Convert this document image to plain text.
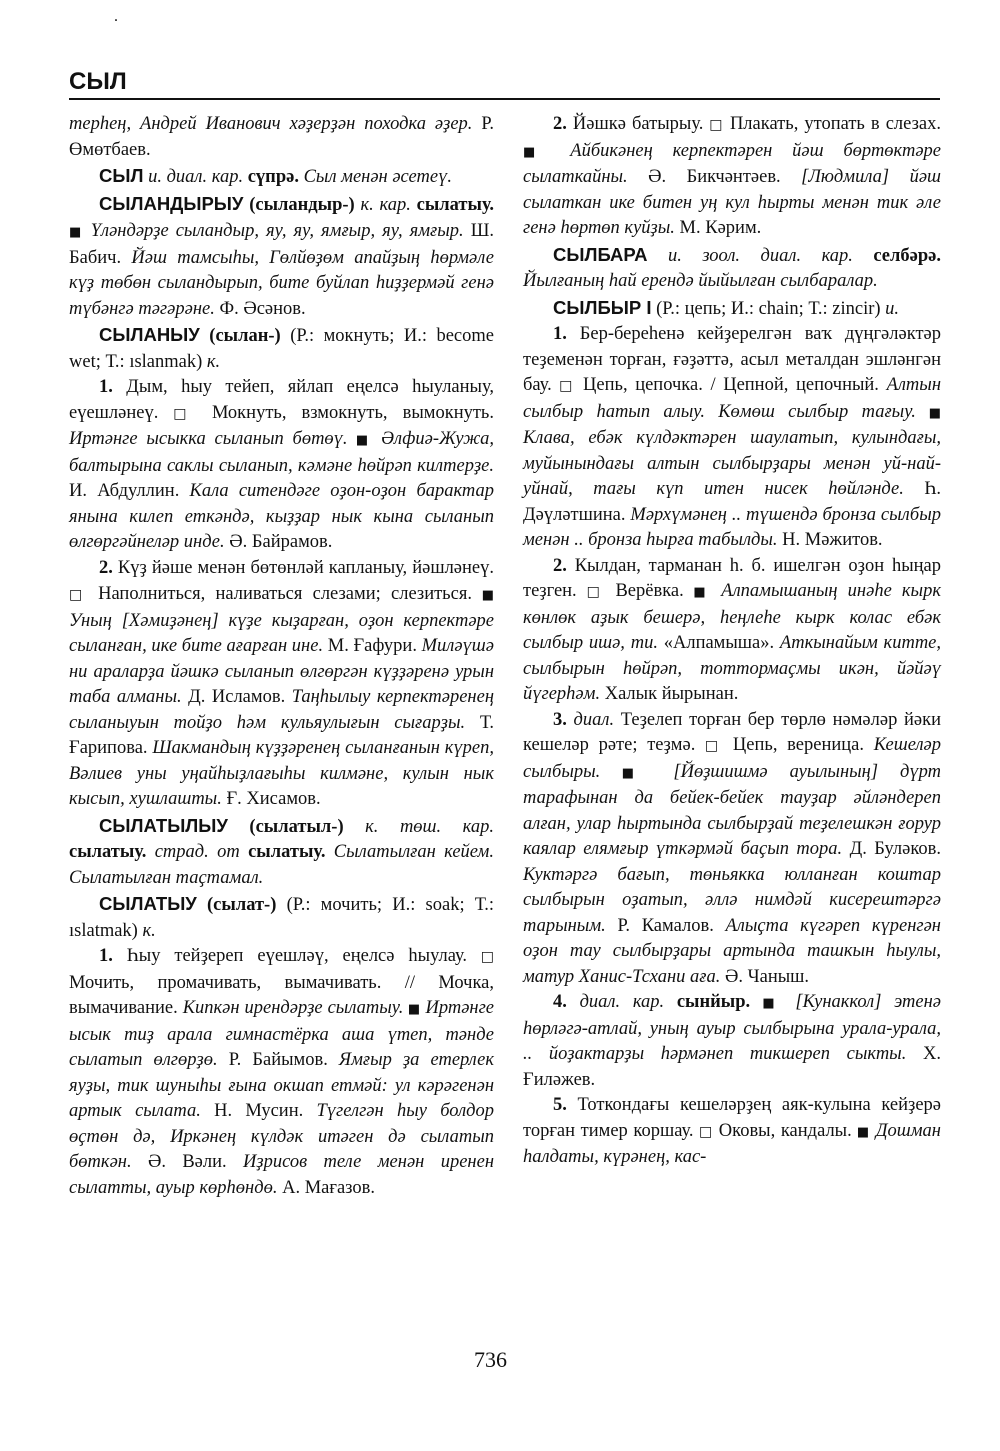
.
СЫЛ

терһең, Андрей Иванович хәҙерҙән походка әҙер. Р. Өмөтбаев.

СЫЛ и. диал. кар. сүпрә. Сыл менән әсетеү.

СЫЛАНДЫРЫУ (сыландыр-) к. кар. сылатыу. ■ Үләндәрҙе сыландыр, яу, яу, ямғыр, яу, ямғыр. Ш. Бабич. Йәш тамсыһы, Гөлйөҙөм апайҙың һөрмәле күҙ төбөн сыландырып, бите буйлап һиҙҙермәй генә түбәнгә тәгәрәне. Ф. Әсәнов.

СЫЛАНЫУ (сылан-) (Р.: мокнуть; И.: become wet; Т.: ıslanmak) к.

1. Дым, һыу тейеп, яйлап еңелсә һыуланыу, еүешләнеү. □ Мокнуть, взмокнуть, вымокнуть. Иртәнге ысыкка сыланып бөтөү. ■ Әлфиә-Жужа, балтырына саклы сыланып, кәмәне һөйрәп килтерҙе. И. Абдуллин. Кала ситендәге оҙон-оҙон барактар янына килеп еткәндә, кыҙҙар нык кына сыланып өлгөргәйнеләр инде. Ә. Байрамов.

2. Күҙ йәше менән бөтөнләй капланыу, йәшләнеү. □ Наполниться, наливаться слезами; слезиться. ■ Уның [Хәмиҙәнең] күҙе кыҙарған, оҙон керпектәре сыланған, ике бите ағарған ине. М. Ғафури. Миләүшә ни араларҙа йәшкә сыланып өлгөргән күҙҙәренә урын таба алманы. Д. Исламов. Таңһылыу керпектәренең сыланыуын тойҙо һәм кульяулығын сығарҙы. Т. Ғарипова. Шакмандың күҙҙәренең сыланғанын күреп, Вәлиев уны уңайһыҙлағыһы килмәне, кулын нык кысып, хушлашты. Ғ. Хисамов.

СЫЛАТЫЛЫУ (сылатыл-) к. төш. кар. сылатыу. страд. от сылатыу. Сылатылған кейем. Сылатылған таҫтамал.

СЫЛАТЫУ (сылат-) (Р.: мочить; И.: soak; Т.: ıslatmak) к.

1. Һыу тейҙереп еүешләү, еңелсә һыулау. □ Мочить, промачивать, вымачивать. // Мочка, вымачивание. Кипкән ирендәрҙе сылатыу. ■ Иртәнге ысык тиҙ арала гимнастёрка аша үтеп, тәнде сылатып өлгөрҙө. Р. Байымов. Ямғыр ҙа етерлек яуҙы, тик шуныһы ғына окшап етмәй: ул кәрәгенән артык сылата. Н. Мусин. Түгелгән һыу болдор өҫтөн дә, Иркәнең күлдәк итәген дә сылатып бөткән. Ә. Вәли. Иҙрисов теле менән иренен сылатты, ауыр көрһөндө. А. Мағазов.

2. Йәшкә батырыу. □ Плакать, утопать в слезах. ■ Айбикәнең керпектәрен йәш бөртөктәре сылаткайны. Ә. Бикчәнтәев. [Людмила] йәш сылаткан ике битен уң кул һырты менән тик әле генә һөртөп куйҙы. М. Кәрим.

СЫЛБАРА и. зоол. диал. кар. селбәрә. Йылғаның һай ерендә йыйылған сылбаралар.

СЫЛБЫР I (Р.: цепь; И.: chain; Т.: zincir) и.

1. Бер-береһенә кейҙерелгән ваҡ дүңгәләктәр теҙеменән торған, ғәҙәттә, асыл металдан эшләнгән бау. □ Цепь, цепочка. / Цепной, цепочный. Алтын сылбыр һатып алыу. Көмөш сылбыр тағыу. ■ Клава, ебәк күлдәктәрен шаулатып, кулындағы, муйынындағы алтын сылбырҙары менән уй-най-уйнай, тағы күп итен нисек һөйләнде. Һ. Дәүләтшина. Мәрхүмәнең .. түшендә бронза сылбыр менән .. бронза һырға табылды. Н. Мәжитов.

2. Кылдан, тарманан һ. б. ишелгән оҙон һыңар теҙген. □ Верёвка. ■ Алпамышаның инәһе кырк көнлөк аҙык бешерә, һеңлеһе кырк колас ебәк сылбыр ишә, ти. «Алпамыша». Аткынайым китте, сылбырын һөйрәп, тоттормаҫмы икән, йәйәү йүгерһәм. Халык йырынан.

3. диал. Теҙелеп торған бер төрлө нәмәләр йәки кешеләр рәте; теҙмә. □ Цепь, вереница. Кешеләр сылбыры. ■ [Йөҙшишмә ауылының] дүрт тарафынан да бейек-бейек тауҙар әйләндереп алған, улар һыртында сылбырҙай теҙелешкән ғорур каялар елямғыр үткәрмәй баҫып тора. Д. Буләков. Куктәргә бағып, төньякка юлланған коштар сылбырын оҙатып, әллә нимдәй кисерештәргә тарыным. Р. Камалов. Алыҫта күгәреп күренгән оҙон тау сылбырҙары артында ташкын һыулы, матур Ханис-Тсхани ағa. Ә. Чаныш.

4. диал. кар. сынйыр. ■ [Кунаккол] этенә һөрләгә-атлай, уның ауыр сылбырына урала-урала, .. йоҙактарҙы һәрмәнеп тикшереп сыкты. Х. Ғиләжев.

5. Тоткондағы кешеләрҙең аяк-кулына кейҙерә торған тимер коршау. □ Оковы, кандалы. ■ Дошман һалдаты, күрәнең, кас-

736
